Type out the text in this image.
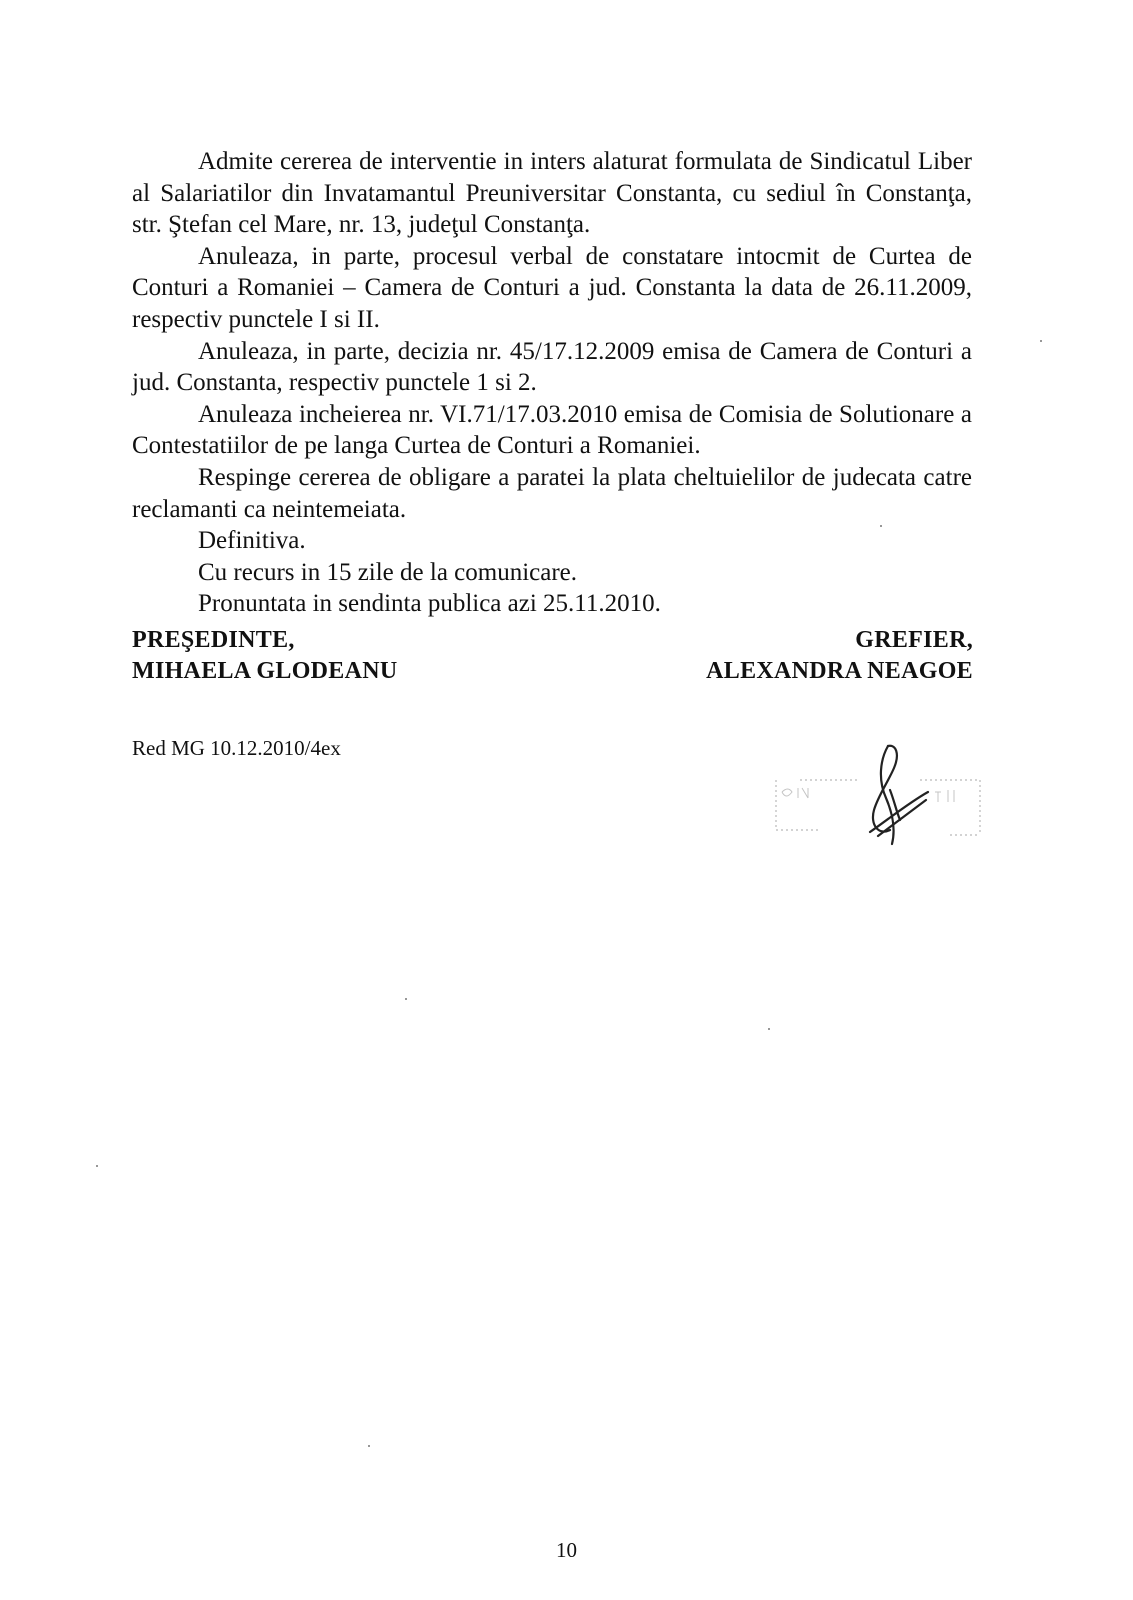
Admite cererea de interventie in inters alaturat formulata de Sindicatul Liber al Salariatilor din Invatamantul Preuniversitar Constanta, cu sediul în Constanţa, str. Ştefan cel Mare, nr. 13, judeţul Constanţa.

Anuleaza, in parte, procesul verbal de constatare intocmit de Curtea de Conturi a Romaniei – Camera de Conturi a jud. Constanta la data de 26.11.2009, respectiv punctele I si II.

Anuleaza, in parte, decizia nr. 45/17.12.2009 emisa de Camera de Conturi a jud. Constanta, respectiv punctele 1 si 2.

Anuleaza incheierea nr. VI.71/17.03.2010 emisa de Comisia de Solutionare a Contestatiilor de pe langa Curtea de Conturi a Romaniei.

Respinge cererea de obligare a paratei la plata cheltuielilor de judecata catre reclamanti ca neintemeiata.

Definitiva.

Cu recurs in 15 zile de la comunicare.

Pronuntata in sendinta publica azi 25.11.2010.

PREŞEDINTE,
MIHAELA GLODEANU
GREFIER,
ALEXANDRA NEAGOE
Red MG 10.12.2010/4ex
10
